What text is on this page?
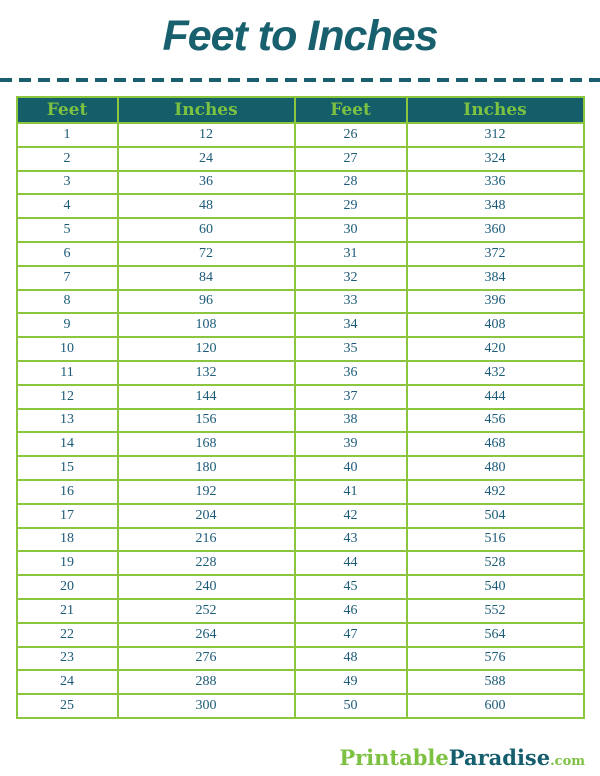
Feet to Inches
Feet	Inches	Feet	Inches
1	12	26	312
2	24	27	324
3	36	28	336
4	48	29	348
5	60	30	360
6	72	31	372
7	84	32	384
8	96	33	396
9	108	34	408
10	120	35	420
11	132	36	432
12	144	37	444
13	156	38	456
14	168	39	468
15	180	40	480
16	192	41	492
17	204	42	504
18	216	43	516
19	228	44	528
20	240	45	540
21	252	46	552
22	264	47	564
23	276	48	576
24	288	49	588
25	300	50	600
PrintableParadise.com
